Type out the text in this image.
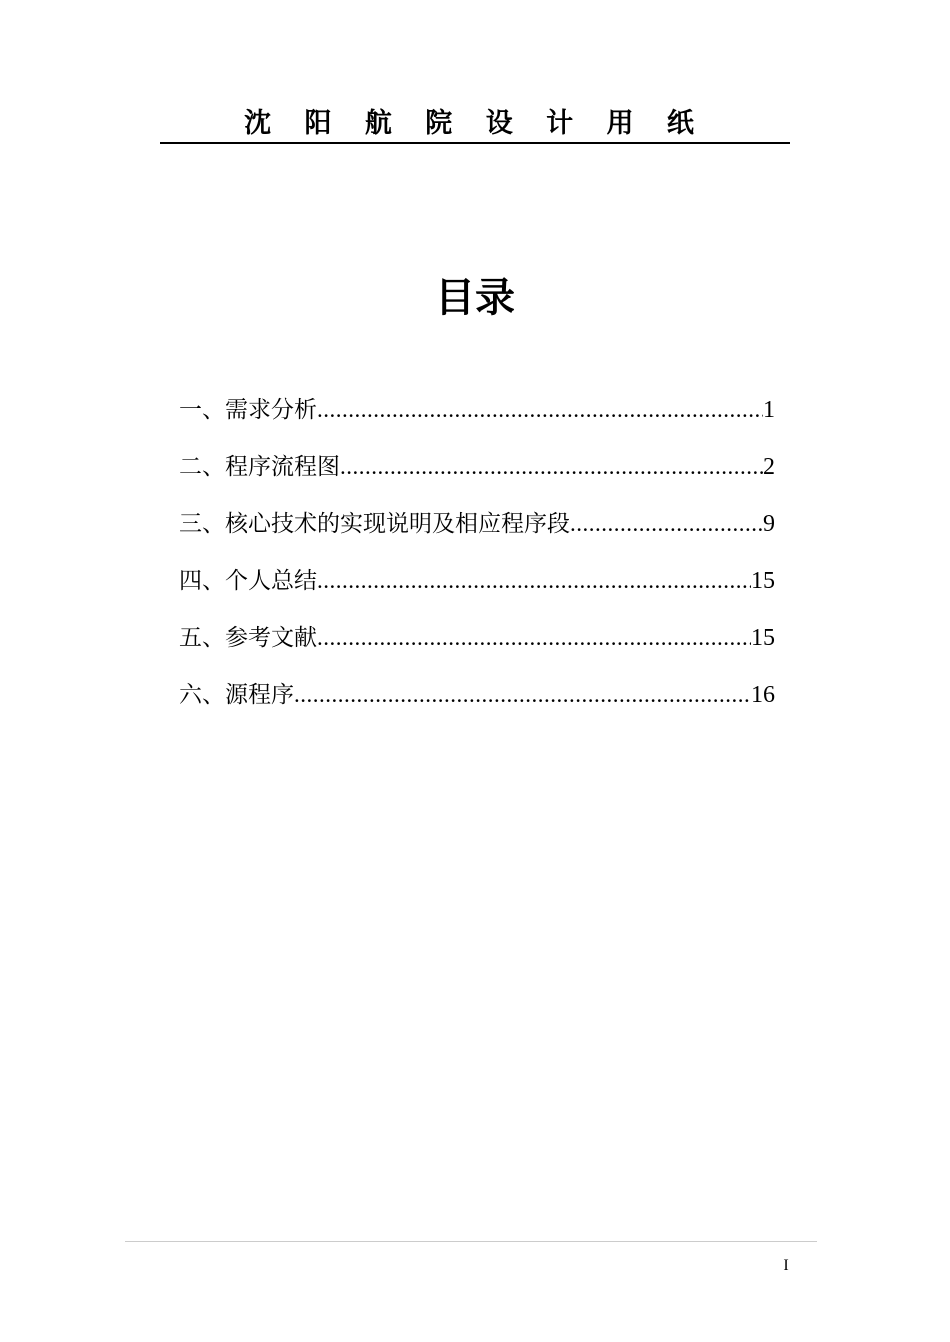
沈 阳 航 院 设 计 用 纸
目录
一、需求分析 .....	1
二、程序流程图 .....	2
三、核心技术的实现说明及相应程序段 .....	9
四、个人总结 .....	15
五、参考文献 .....	15
六、源程序 .....	16
I
